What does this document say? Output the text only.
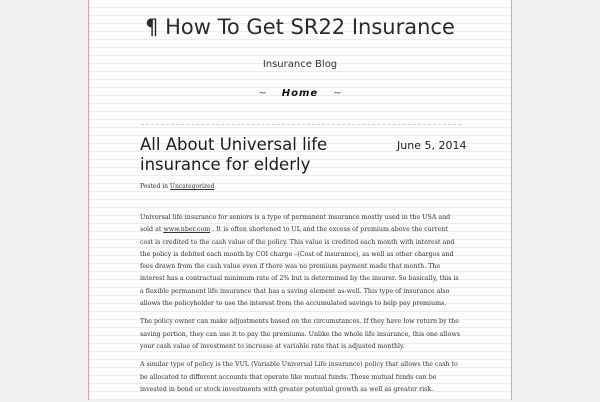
¶ How To Get SR22 Insurance
Insurance Blog
~ Home ~
All About Universal life insurance for elderly
June 5, 2014
Posted in Uncategorized

Universal life insurance for seniors is a type of permanent insurance mostly used in the USA and sold at www.nber.com . It is often shortened to UL and the excess of premium above the current cost is credited to the cash value of the policy. This value is credited each month with interest and the policy is debited each month by COI charge –(Cost of insurance), as well as other charges and fees drawn from the cash value even if there was no premium payment made that month. The interest has a contractual minimum rate of 2% but is determined by the insurer. So basically, this is a flexible permanent life insurance that has a saving element as-well. This type of insurance also allows the policyholder to use the interest from the accumulated savings to help pay premiums.

The policy owner can make adjustments based on the circumstances. If they have low return by the saving portion, they can use it to pay the premiums. Unlike the whole life insurance, this one allows your cash value of investment to increase at variable rate that is adjusted monthly.

A similar type of policy is the VUL (Variable Universal Life insurance) policy that allows the cash to be allocated to different accounts that operate like mutual funds. These mutual funds can be invested in bond or stock investments with greater potential growth as well as greater risk.
